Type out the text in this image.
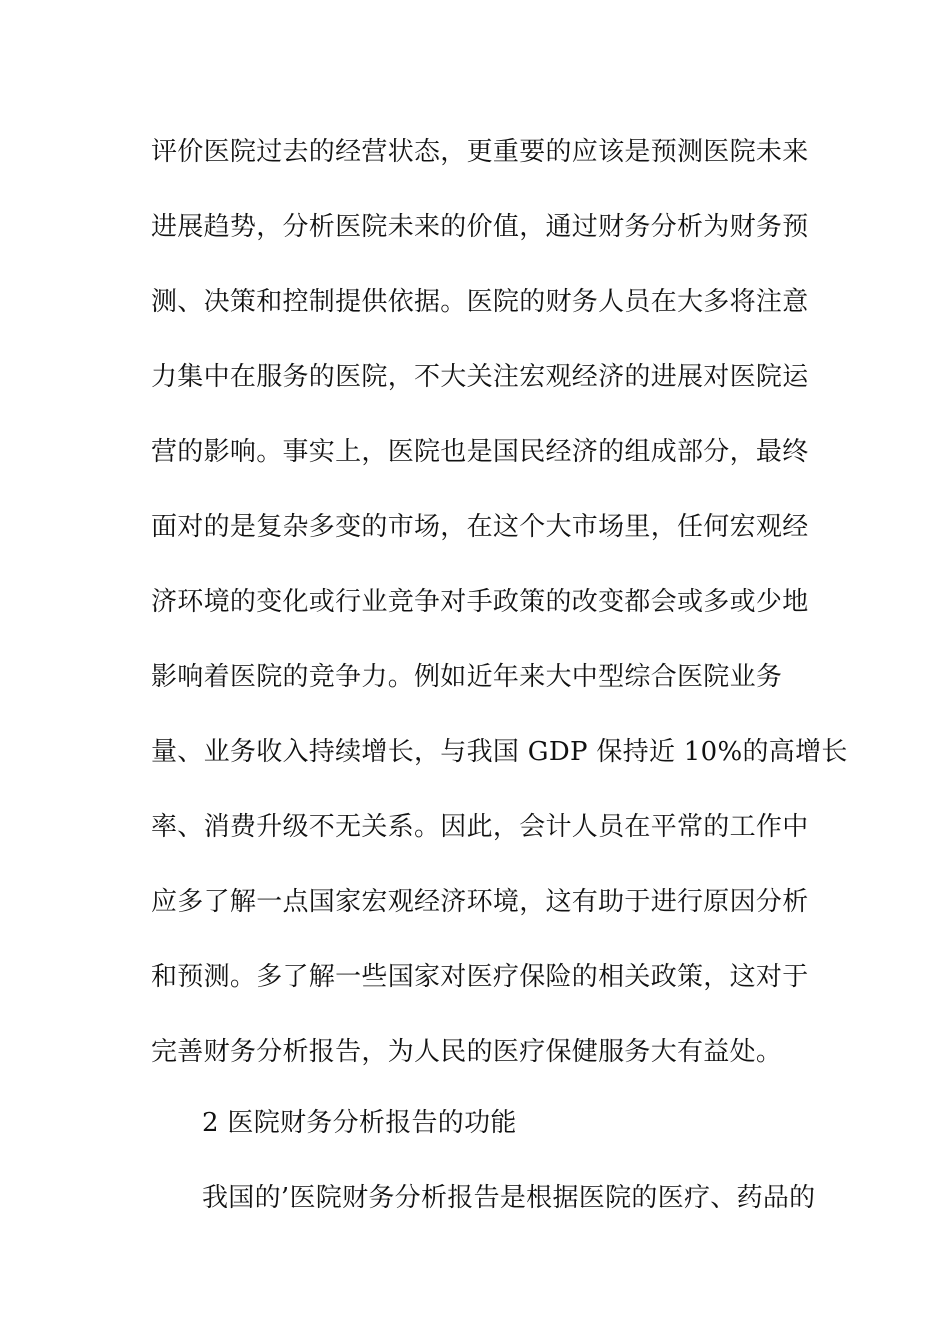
评价医院过去的经营状态，更重要的应该是预测医院未来

进展趋势，分析医院未来的价值，通过财务分析为财务预

测、决策和控制提供依据。医院的财务人员在大多将注意

力集中在服务的医院，不大关注宏观经济的进展对医院运

营的影响。事实上，医院也是国民经济的组成部分，最终

面对的是复杂多变的市场，在这个大市场里，任何宏观经

济环境的变化或行业竞争对手政策的改变都会或多或少地

影响着医院的竞争力。例如近年来大中型综合医院业务

量、业务收入持续增长，与我国 GDP 保持近 10%的高增长

率、消费升级不无关系。因此，会计人员在平常的工作中

应多了解一点国家宏观经济环境，这有助于进行原因分析

和预测。多了解一些国家对医疗保险的相关政策，这对于

完善财务分析报告，为人民的医疗保健服务大有益处。

2 医院财务分析报告的功能

我国的’医院财务分析报告是根据医院的医疗、药品的
